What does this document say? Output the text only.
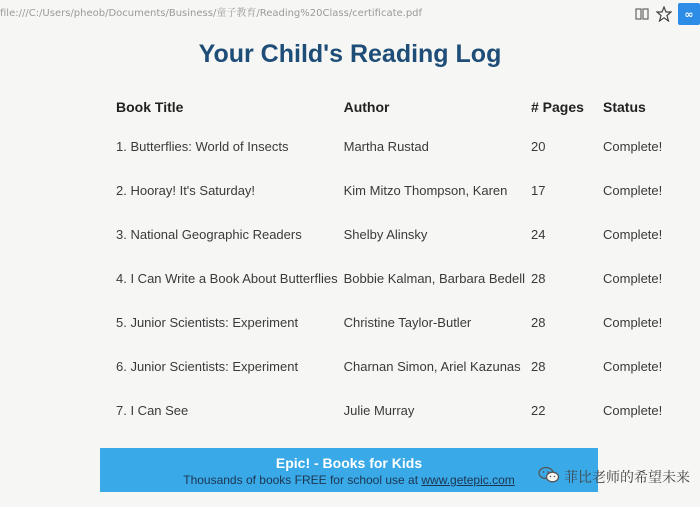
file:///C:/Users/pheob/Documents/Business/童子教育/Reading%20Class/certificate.pdf	∞
Your Child's Reading Log
Book Title	Author	# Pages	Status
1. Butterflies: World of Insects	Martha Rustad	20	Complete!
2. Hooray! It's Saturday!	Kim Mitzo Thompson, Karen	17	Complete!
3. National Geographic Readers	Shelby Alinsky	24	Complete!
4. I Can Write a Book About Butterflies	Bobbie Kalman, Barbara Bedell	28	Complete!
5. Junior Scientists: Experiment	Christine Taylor-Butler	28	Complete!
6. Junior Scientists: Experiment	Charnan Simon, Ariel Kazunas	28	Complete!
7. I Can See	Julie Murray	22	Complete!
Epic! - Books for Kids
Thousands of books FREE for school use at www.getepic.com	菲比老师的希望未来
